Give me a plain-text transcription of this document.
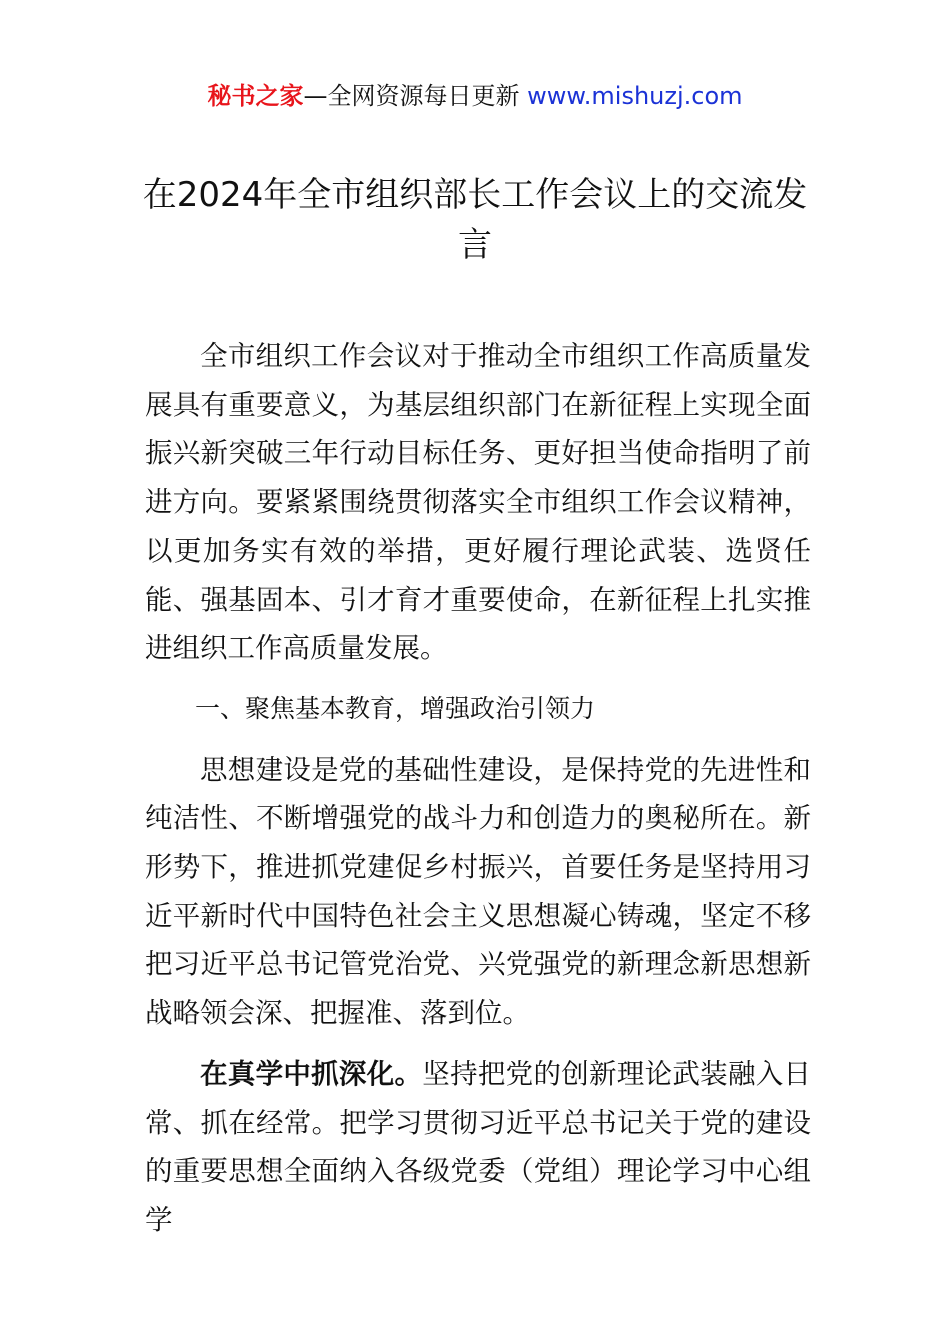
秘书之家—全网资源每日更新 www.mishuzj.com
在2024年全市组织部长工作会议上的交流发言

全市组织工作会议对于推动全市组织工作高质量发展具有重要意义，为基层组织部门在新征程上实现全面振兴新突破三年行动目标任务、更好担当使命指明了前进方向。要紧紧围绕贯彻落实全市组织工作会议精神，以更加务实有效的举措，更好履行理论武装、选贤任能、强基固本、引才育才重要使命，在新征程上扎实推进组织工作高质量发展。

一、聚焦基本教育，增强政治引领力

思想建设是党的基础性建设，是保持党的先进性和纯洁性、不断增强党的战斗力和创造力的奥秘所在。新形势下，推进抓党建促乡村振兴，首要任务是坚持用习近平新时代中国特色社会主义思想凝心铸魂，坚定不移把习近平总书记管党治党、兴党强党的新理念新思想新战略领会深、把握准、落到位。

在真学中抓深化。坚持把党的创新理论武装融入日常、抓在经常。把学习贯彻习近平总书记关于党的建设的重要思想全面纳入各级党委（党组）理论学习中心组学
